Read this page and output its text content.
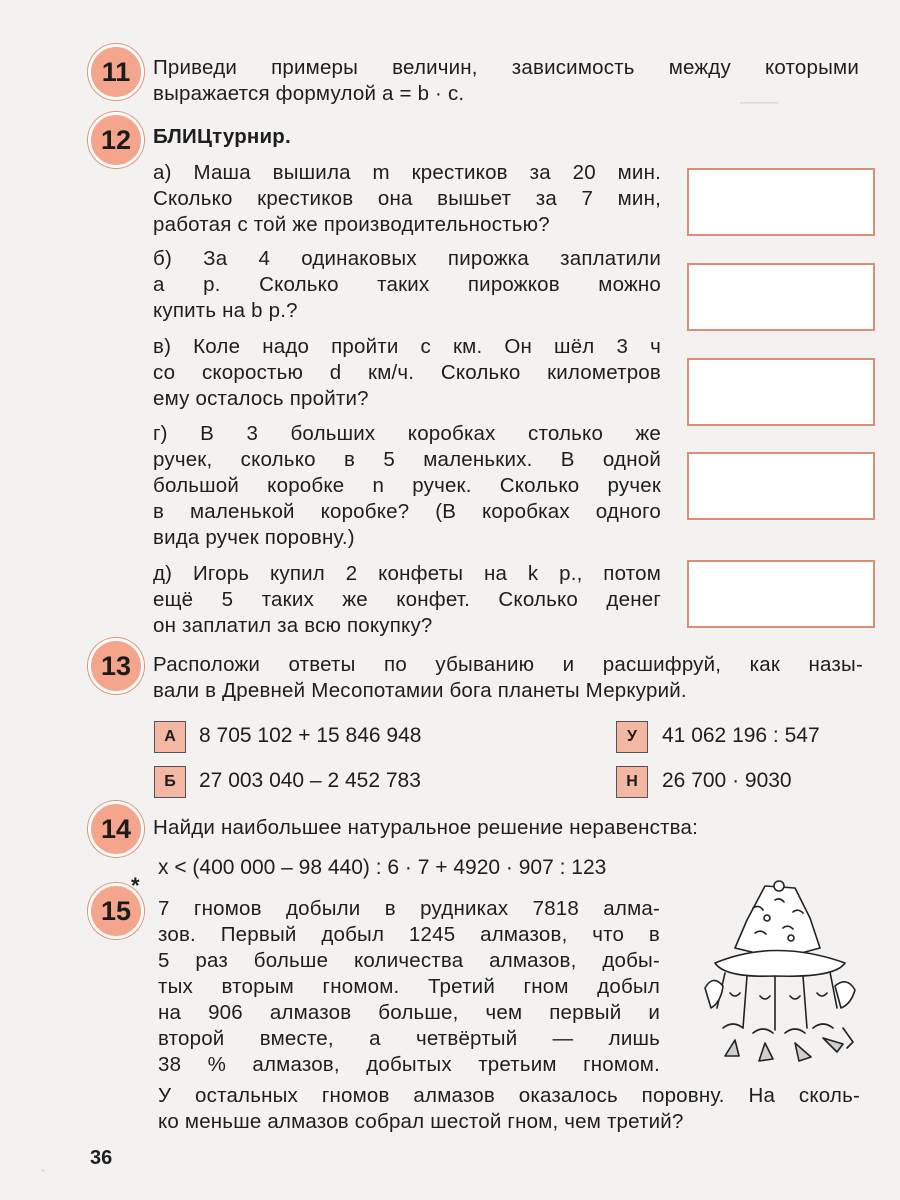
——
·
11	Приведи примеры величин, зависимость между которыми
выражается формулой a = b · c.
12	БЛИЦтурнир.
а) Маша вышила m крестиков за 20 мин.
Сколько крестиков она вышьет за 7 мин,
работая с той же производительностью?
б) За 4 одинаковых пирожка заплатили
a р. Сколько таких пирожков можно
купить на b р.?
в) Коле надо пройти c км. Он шёл 3 ч
со скоростью d км/ч. Сколько километров
ему осталось пройти?
г) В 3 больших коробках столько же
ручек, сколько в 5 маленьких. В одной
большой коробке n ручек. Сколько ручек
в маленькой коробке? (В коробках одного
вида ручек поровну.)
д) Игорь купил 2 конфеты на k р., потом
ещё 5 таких же конфет. Сколько денег
он заплатил за всю покупку?
13	Расположи ответы по убыванию и расшифруй, как назы-
вали в Древней Месопотамии бога планеты Меркурий.
А	8 705 102 + 15 846 948	У	41 062 196 : 547
Б	27 003 040 – 2 452 783	Н	26 700 · 9030
14	Найди наибольшее натуральное решение неравенства:
x < (400 000 – 98 440) : 6 · 7 + 4920 · 907 : 123
15
*
7 гномов добыли в рудниках 7818 алма-
зов. Первый добыл 1245 алмазов, что в
5 раз больше количества алмазов, добы-
тых вторым гномом. Третий гном добыл
на 906 алмазов больше, чем первый и
второй вместе, а четвёртый — лишь
38 % алмазов, добытых третьим гномом.
У остальных гномов алмазов оказалось поровну. На сколь-
ко меньше алмазов собрал шестой гном, чем третий?
36
